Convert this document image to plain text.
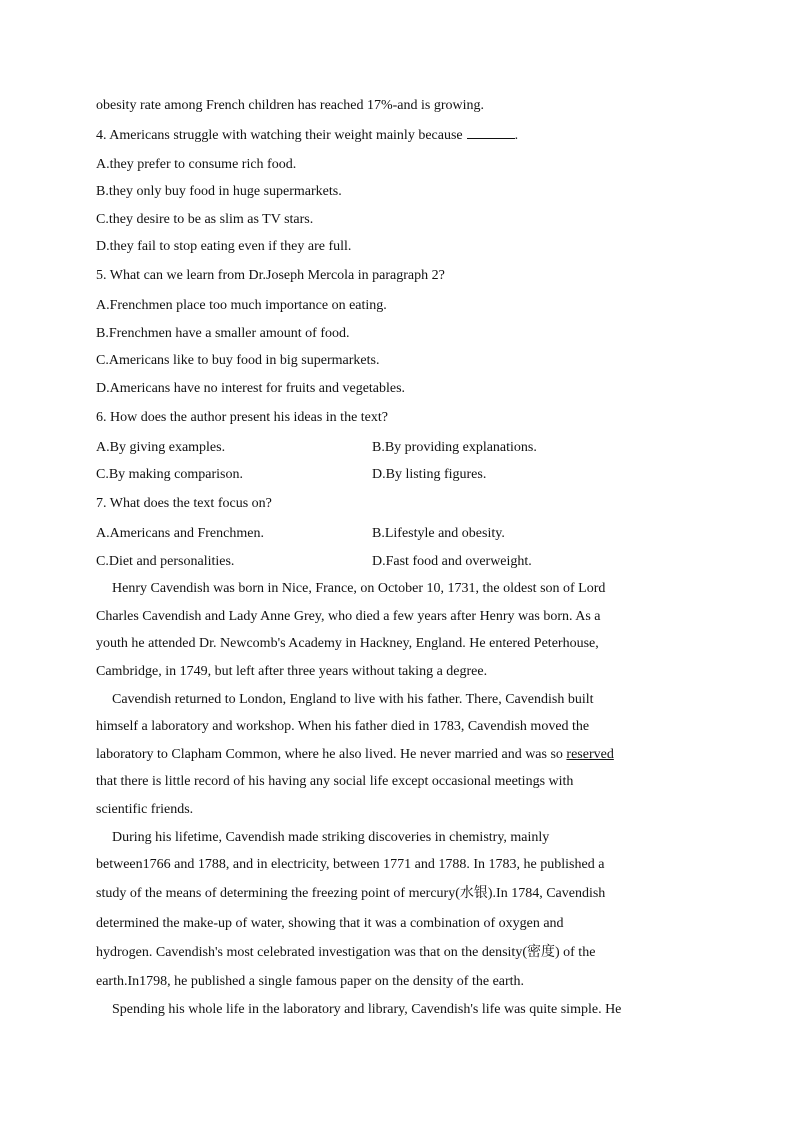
obesity rate among French children has reached 17%-and is growing.
4. Americans struggle with watching their weight mainly because	.
A.they prefer to consume rich food.
B.they only buy food in huge supermarkets.
C.they desire to be as slim as TV stars.
D.they fail to stop eating even if they are full.
5. What can we learn from Dr.Joseph Mercola in paragraph 2?
A.Frenchmen place too much importance on eating.
B.Frenchmen have a smaller amount of food.
C.Americans like to buy food in big supermarkets.
D.Americans have no interest for fruits and vegetables.
6. How does the author present his ideas in the text?
A.By giving examples.	B.By providing explanations.
C.By making comparison.	D.By listing figures.
7. What does the text focus on?
A.Americans and Frenchmen.	B.Lifestyle and obesity.
C.Diet and personalities.	D.Fast food and overweight.
Henry Cavendish was born in Nice, France, on October 10, 1731, the oldest son of Lord
Charles Cavendish and Lady Anne Grey, who died a few years after Henry was born. As a
youth he attended Dr. Newcomb's Academy in Hackney, England. He entered Peterhouse,
Cambridge, in 1749, but left after three years without taking a degree.
Cavendish returned to London, England to live with his father. There, Cavendish built
himself a laboratory and workshop. When his father died in 1783, Cavendish moved the
laboratory to Clapham Common, where he also lived. He never married and was so reserved
that there is little record of his having any social life except occasional meetings with
scientific friends.
During his lifetime, Cavendish made striking discoveries in chemistry, mainly
between1766 and 1788, and in electricity, between 1771 and 1788. In 1783, he published a
study of the means of determining the freezing point of mercury(水银).In 1784, Cavendish
determined the make-up of water, showing that it was a combination of oxygen and
hydrogen. Cavendish's most celebrated investigation was that on the density(密度) of the
earth.In1798, he published a single famous paper on the density of the earth.
Spending his whole life in the laboratory and library, Cavendish's life was quite simple. He
